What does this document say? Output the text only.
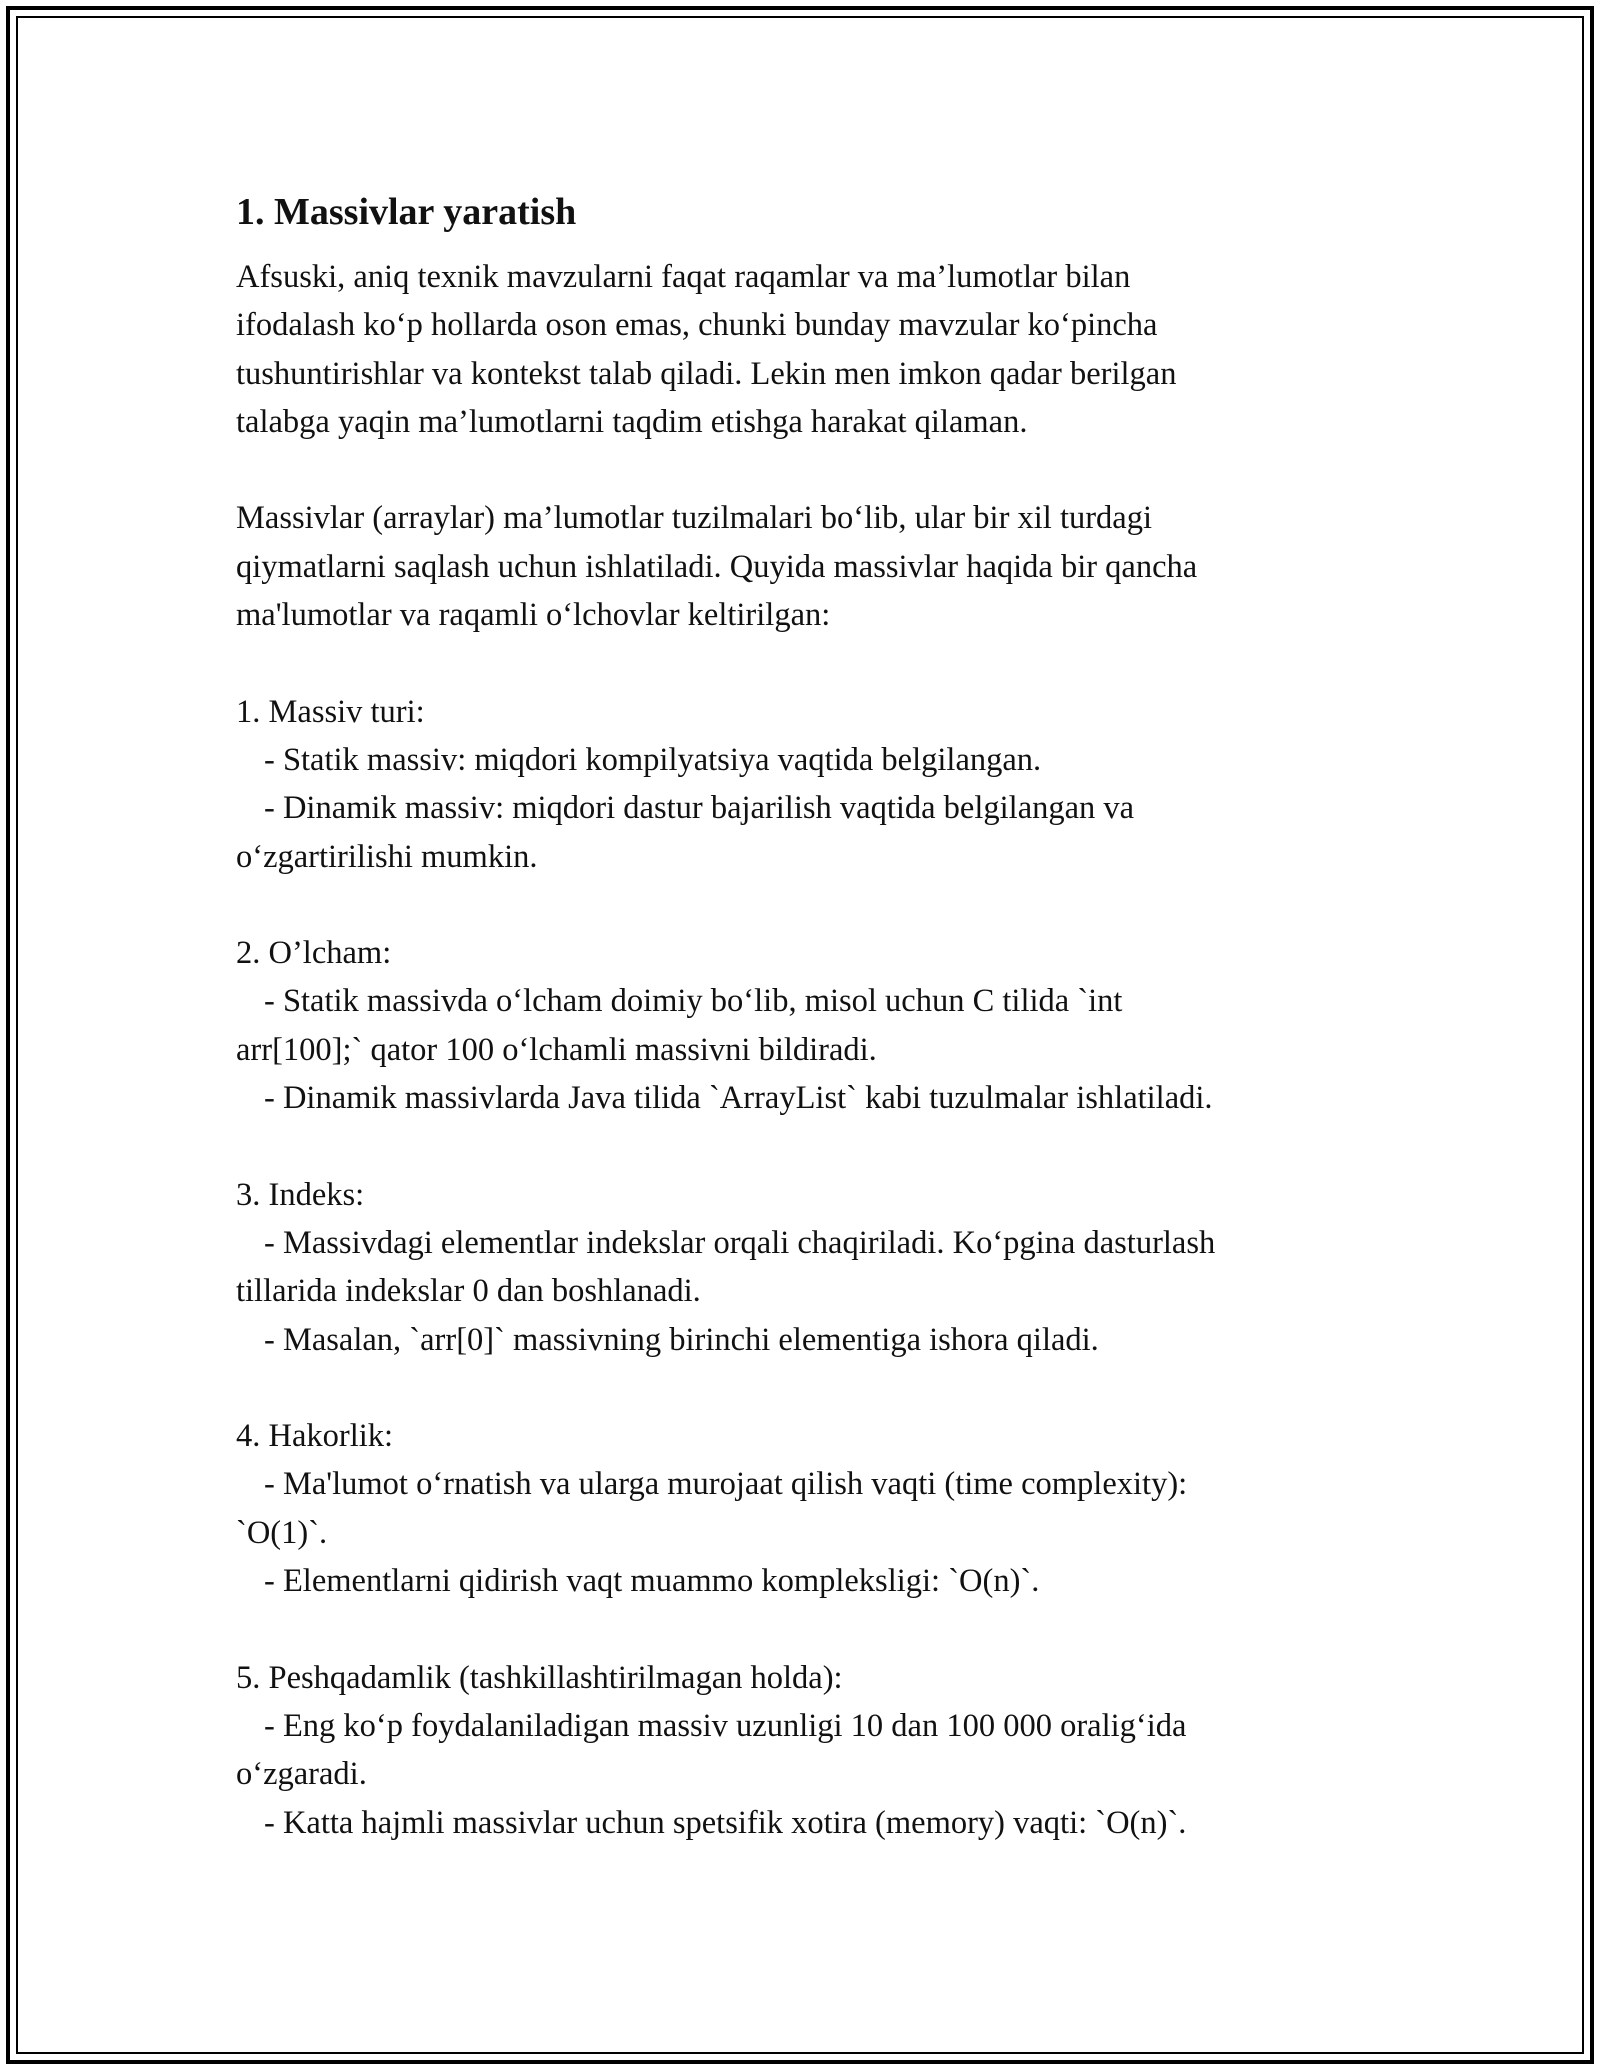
1. Massivlar yaratish
Afsuski, aniq texnik mavzularni faqat raqamlar va ma’lumotlar bilan
ifodalash ko‘p hollarda oson emas, chunki bunday mavzular ko‘pincha
tushuntirishlar va kontekst talab qiladi. Lekin men imkon qadar berilgan
talabga yaqin ma’lumotlarni taqdim etishga harakat qilaman.
Massivlar (arraylar) ma’lumotlar tuzilmalari bo‘lib, ular bir xil turdagi
qiymatlarni saqlash uchun ishlatiladi. Quyida massivlar haqida bir qancha
ma'lumotlar va raqamli o‘lchovlar keltirilgan:
1. Massiv turi:
- Statik massiv: miqdori kompilyatsiya vaqtida belgilangan.
- Dinamik massiv: miqdori dastur bajarilish vaqtida belgilangan va
o‘zgartirilishi mumkin.
2. O’lcham:
- Statik massivda o‘lcham doimiy bo‘lib, misol uchun C tilida `int
arr[100];` qator 100 o‘lchamli massivni bildiradi.
- Dinamik massivlarda Java tilida `ArrayList` kabi tuzulmalar ishlatiladi.
3. Indeks:
- Massivdagi elementlar indekslar orqali chaqiriladi. Ko‘pgina dasturlash
tillarida indekslar 0 dan boshlanadi.
- Masalan, `arr[0]` massivning birinchi elementiga ishora qiladi.
4. Hakorlik:
- Ma'lumot o‘rnatish va ularga murojaat qilish vaqti (time complexity):
`O(1)`.
- Elementlarni qidirish vaqt muammo kompleksligi: `O(n)`.
5. Peshqadamlik (tashkillashtirilmagan holda):
- Eng ko‘p foydalaniladigan massiv uzunligi 10 dan 100 000 oralig‘ida
o‘zgaradi.
- Katta hajmli massivlar uchun spetsifik xotira (memory) vaqti: `O(n)`.
